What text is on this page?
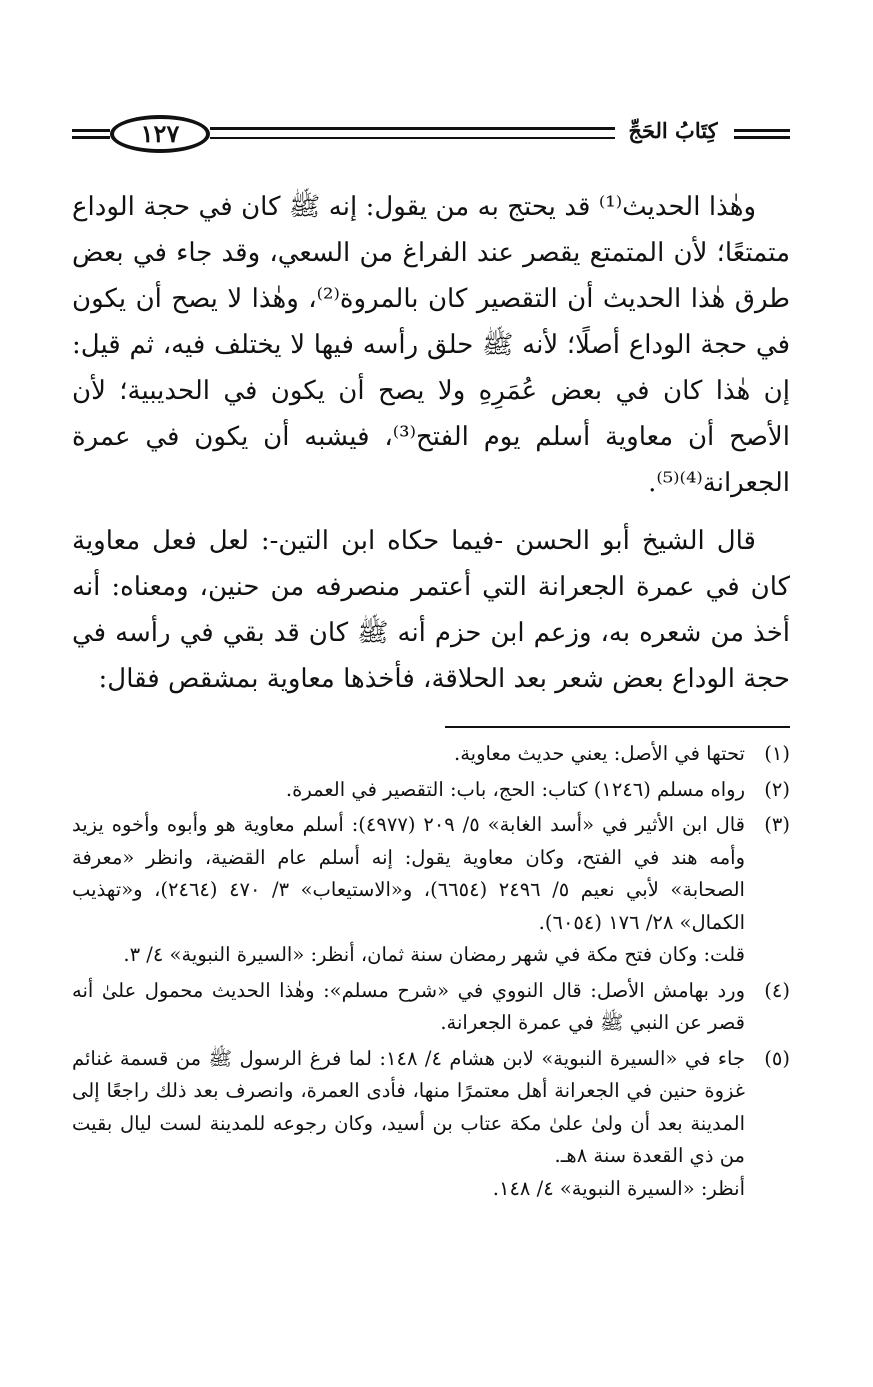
١٢٧	كِتَابُ الحَجِّ

وهٰذا الحديث⁽¹⁾ قد يحتج به من يقول: إنه ﷺ كان في حجة الوداع متمتعًا؛ لأن المتمتع يقصر عند الفراغ من السعي، وقد جاء في بعض طرق هٰذا الحديث أن التقصير كان بالمروة⁽²⁾، وهٰذا لا يصح أن يكون في حجة الوداع أصلًا؛ لأنه ﷺ حلق رأسه فيها لا يختلف فيه، ثم قيل: إن هٰذا كان في بعض عُمَرِهِ ولا يصح أن يكون في الحديبية؛ لأن الأصح أن معاوية أسلم يوم الفتح⁽³⁾، فيشبه أن يكون في عمرة الجعرانة⁽⁴⁾⁽⁵⁾.

قال الشيخ أبو الحسن -فيما حكاه ابن التين-: لعل فعل معاوية كان في عمرة الجعرانة التي أعتمر منصرفه من حنين، ومعناه: أنه أخذ من شعره به، وزعم ابن حزم أنه ﷺ كان قد بقي في رأسه في حجة الوداع بعض شعر بعد الحلاقة، فأخذها معاوية بمشقص فقال:

(١)
تحتها في الأصل: يعني حديث معاوية.
(٢)
رواه مسلم (١٢٤٦) كتاب: الحج، باب: التقصير في العمرة.
(٣)
قال ابن الأثير في «أسد الغابة» ٥/ ٢٠٩ (٤٩٧٧): أسلم معاوية هو وأبوه وأخوه يزيد وأمه هند في الفتح، وكان معاوية يقول: إنه أسلم عام القضية، وانظر «معرفة الصحابة» لأبي نعيم ٥/ ٢٤٩٦ (٦٦٥٤)، و«الاستيعاب» ٣/ ٤٧٠ (٢٤٦٤)، و«تهذيب الكمال» ٢٨/ ١٧٦ (٦٠٥٤).
قلت: وكان فتح مكة في شهر رمضان سنة ثمان، أنظر: «السيرة النبوية» ٤/ ٣.
(٤)
ورد بهامش الأصل: قال النووي في «شرح مسلم»: وهٰذا الحديث محمول علىٰ أنه قصر عن النبي ﷺ في عمرة الجعرانة.
(٥)
جاء في «السيرة النبوية» لابن هشام ٤/ ١٤٨: لما فرغ الرسول ﷺ من قسمة غنائم غزوة حنين في الجعرانة أهل معتمرًا منها، فأدى العمرة، وانصرف بعد ذلك راجعًا إلى المدينة بعد أن ولىٰ علىٰ مكة عتاب بن أسيد، وكان رجوعه للمدينة لست ليال بقيت من ذي القعدة سنة ٨هـ.
أنظر: «السيرة النبوية» ٤/ ١٤٨.
